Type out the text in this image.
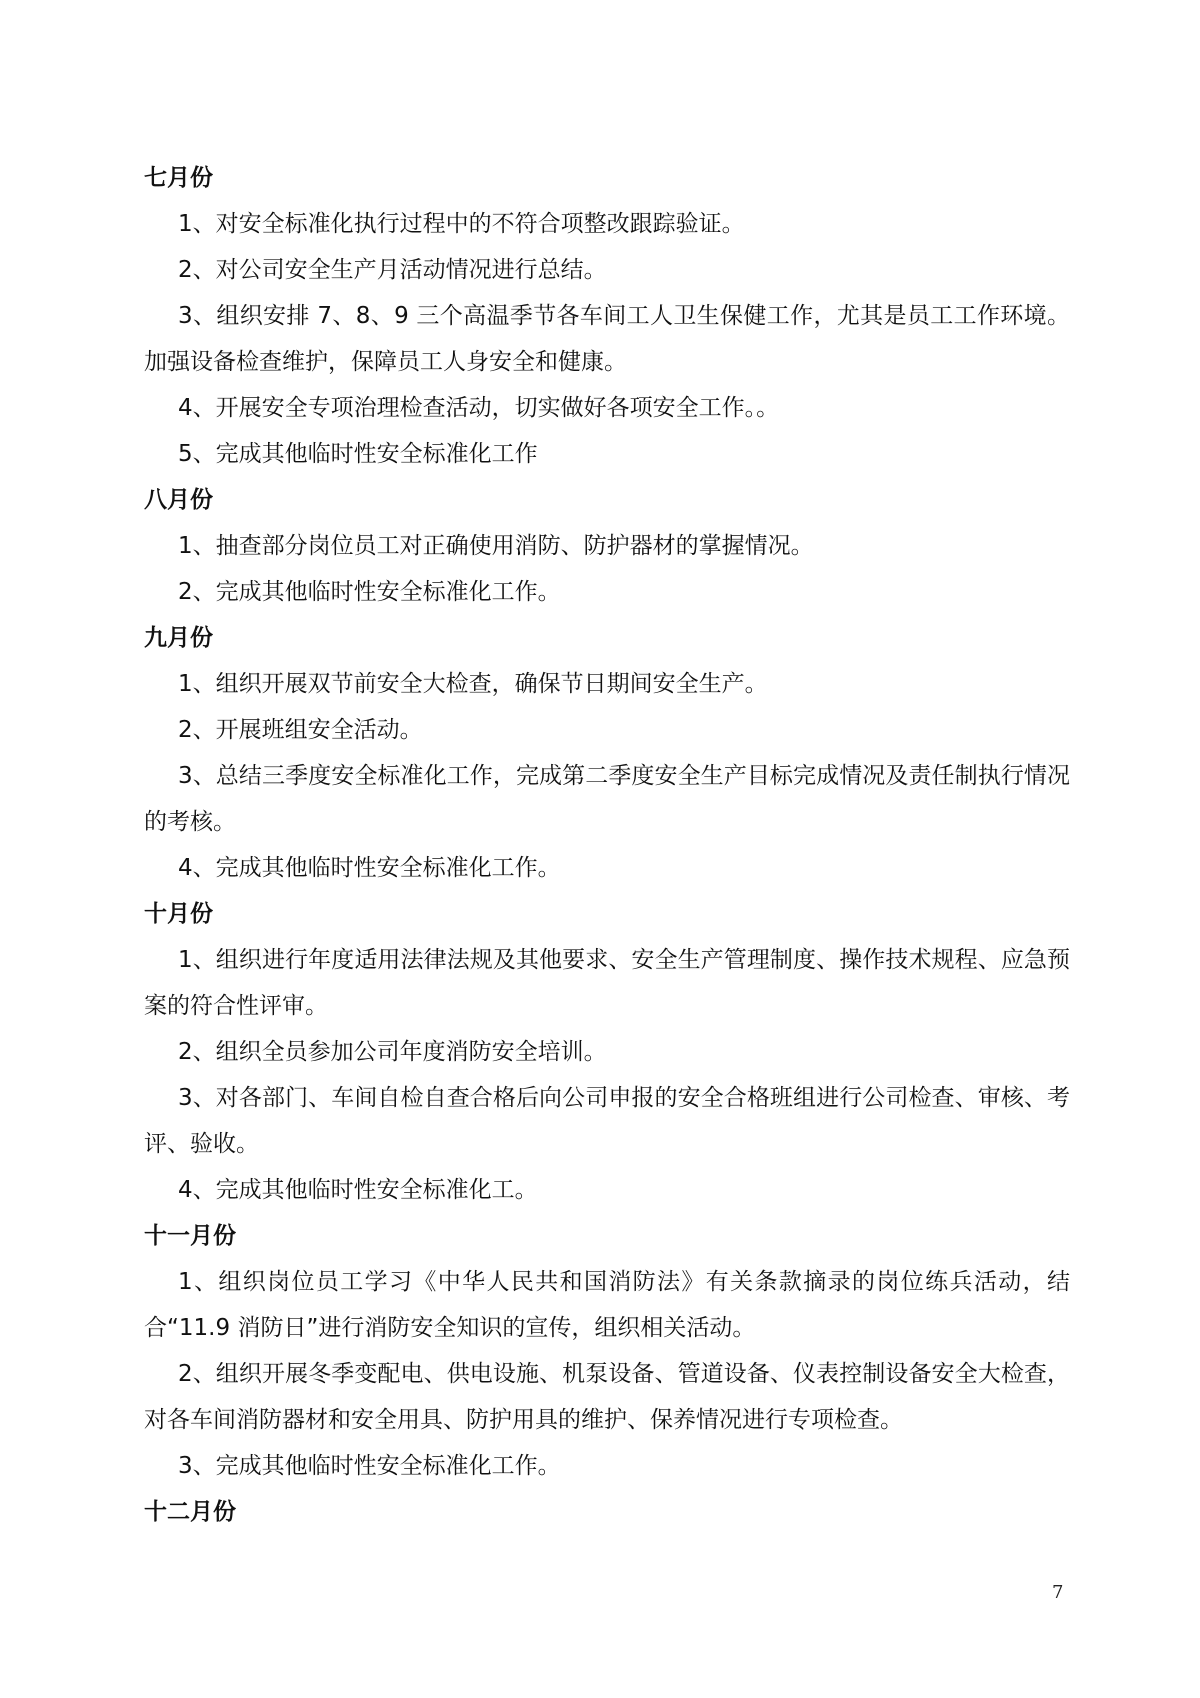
七月份

1、对安全标准化执行过程中的不符合项整改跟踪验证。

2、对公司安全生产月活动情况进行总结。

3、组织安排 7、8、9 三个高温季节各车间工人卫生保健工作，尤其是员工工作环境。加强设备检查维护，保障员工人身安全和健康。

4、开展安全专项治理检查活动，切实做好各项安全工作。。

5、完成其他临时性安全标准化工作

八月份

1、抽查部分岗位员工对正确使用消防、防护器材的掌握情况。

2、完成其他临时性安全标准化工作。

九月份

1、组织开展双节前安全大检查，确保节日期间安全生产。

2、开展班组安全活动。

3、总结三季度安全标准化工作，完成第二季度安全生产目标完成情况及责任制执行情况的考核。

4、完成其他临时性安全标准化工作。

十月份

1、组织进行年度适用法律法规及其他要求、安全生产管理制度、操作技术规程、应急预案的符合性评审。

2、组织全员参加公司年度消防安全培训。

3、对各部门、车间自检自查合格后向公司申报的安全合格班组进行公司检查、审核、考评、验收。

4、完成其他临时性安全标准化工。

十一月份

1、组织岗位员工学习《中华人民共和国消防法》有关条款摘录的岗位练兵活动，结合“11.9 消防日”进行消防安全知识的宣传，组织相关活动。

2、组织开展冬季变配电、供电设施、机泵设备、管道设备、仪表控制设备安全大检查，对各车间消防器材和安全用具、防护用具的维护、保养情况进行专项检查。

3、完成其他临时性安全标准化工作。

十二月份
7
